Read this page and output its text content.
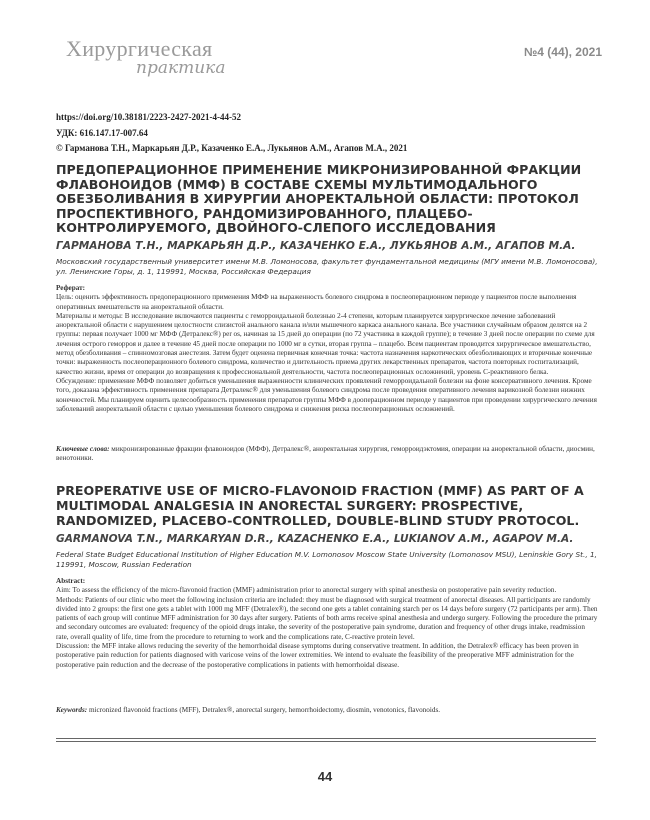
Хирургическая
практика
№4 (44), 2021
https://doi.org/10.38181/2223-2427-2021-4-44-52
УДК: 616.147.17-007.64
© Гарманова Т.Н., Маркарьян Д.Р., Казаченко Е.А., Лукьянов А.М., Агапов М.А., 2021
ПРЕДОПЕРАЦИОННОЕ ПРИМЕНЕНИЕ МИКРОНИЗИРОВАННОЙ ФРАКЦИИ ФЛАВОНОИДОВ (ММФ) В СОСТАВЕ СХЕМЫ МУЛЬТИМОДАЛЬНОГО ОБЕЗБОЛИВАНИЯ В ХИРУРГИИ АНОРЕКТАЛЬНОЙ ОБЛАСТИ: ПРОТОКОЛ ПРОСПЕКТИВНОГО, РАНДОМИЗИРОВАННОГО, ПЛАЦЕБО-КОНТРОЛИРУЕМОГО, ДВОЙНОГО-СЛЕПОГО ИССЛЕДОВАНИЯ
ГАРМАНОВА Т.Н., МАРКАРЬЯН Д.Р., КАЗАЧЕНКО Е.А., ЛУКЬЯНОВ А.М., АГАПОВ М.А.
Московский государственный университет имени М.В. Ломоносова, факультет фундаментальной медицины (МГУ имени М.В. Ломоносова), ул. Ленинские Горы, д. 1, 119991, Москва, Российская Федерация

Реферат:

Цель: оценить эффективность предоперационного применения МФФ на выраженность болевого синдрома в послеоперационном периоде у пациентов после выполнения оперативных вмешательств на аноректальной области.

Материалы и методы: В исследование включаются пациенты с геморроидальной болезнью 2-4 степени, которым планируется хирургическое лечение заболеваний аноректальной области с нарушением целостности слизистой анального канала и/или мышечного каркаса анального канала. Все участники случайным образом делятся на 2 группы: первая получает 1000 мг МФФ (Детралекс®) per os, начиная за 15 дней до операции (по 72 участника в каждой группе); в течение 3 дней после операции по схеме для лечения острого геморроя и далее в течение 45 дней после операции по 1000 мг в сутки, вторая группа – плацебо. Всем пациентам проводится хирургическое вмешательство, метод обезболивания – спинномозговая анестезия. Затем будет оценена первичная конечная точка: частота назначения наркотических обезболивающих и вторичные конечные точки: выраженность послеоперационного болевого синдрома, количество и длительность приема других лекарственных препаратов, частота повторных госпитализаций, качество жизни, время от операции до возвращения к профессиональной деятельности, частота послеоперационных осложнений, уровень С-реактивного белка.

Обсуждение: применение МФФ позволяет добиться уменьшения выраженности клинических проявлений геморроидальной болезни на фоне консервативного лечения. Кроме того, доказана эффективность применения препарата Детралекс® для уменьшения болевого синдрома после проведения оперативного лечения варикозной болезни нижних конечностей. Мы планируем оценить целесообразность применения препаратов группы МФФ в дооперационном периоде у пациентов при проведении хирургического лечения заболеваний аноректальной области с целью уменьшения болевого синдрома и снижения риска послеоперационных осложнений.

Ключевые слова: микронизированные фракции флавоноидов (МФФ), Детралекс®, аноректальная хирургия, геморроидэктомия, операции на аноректальной области, диосмин, венотоники.
PREOPERATIVE USE OF MICRO-FLAVONOID FRACTION (MMF) AS PART OF A MULTIMODAL ANALGESIA IN ANORECTAL SURGERY: PROSPECTIVE, RANDOMIZED, PLACEBO-CONTROLLED, DOUBLE-BLIND STUDY PROTOCOL.
GARMANOVA T.N., MARKARYAN D.R., KAZACHENKO E.A., LUKIANOV A.M., AGAPOV M.A.
Federal State Budget Educational Institution of Higher Education M.V. Lomonosov Moscow State University (Lomonosov MSU), Leninskie Gory St., 1, 119991, Moscow, Russian Federation

Abstract:

Aim: To assess the efficiency of the micro-flavonoid fraction (MMF) administration prior to anorectal surgery with spinal anesthesia on postoperative pain severity reduction.

Methods: Patients of our clinic who meet the following inclusion criteria are included: they must be diagnosed with surgical treatment of anorectal diseases. All participants are randomly divided into 2 groups: the first one gets a tablet with 1000 mg MFF (Detralex®), the second one gets a tablet containing starch per os 14 days before surgery (72 participants per arm). Then patients of each group will continue MFF administration for 30 days after surgery. Patients of both arms receive spinal anesthesia and undergo surgery. Following the procedure the primary and secondary outcomes are evaluated: frequency of the opioid drugs intake, the severity of the postoperative pain syndrome, duration and frequency of other drugs intake, readmission rate, overall quality of life, time from the procedure to returning to work and the complications rate, C-reactive protein level.

Discussion: the MFF intake allows reducing the severity of the hemorrhoidal disease symptoms during conservative treatment. In addition, the Detralex® efficacy has been proven in postoperative pain reduction for patients diagnosed with varicose veins of the lower extremities. We intend to evaluate the feasibility of the preoperative MFF administration for the postoperative pain reduction and the decrease of the postoperative complications in patients with hemorrhoidal disease.

Keywords: micronized flavonoid fractions (MFF), Detralex®, anorectal surgery, hemorrhoidectomy, diosmin, venotonics, flavonoids.
44
